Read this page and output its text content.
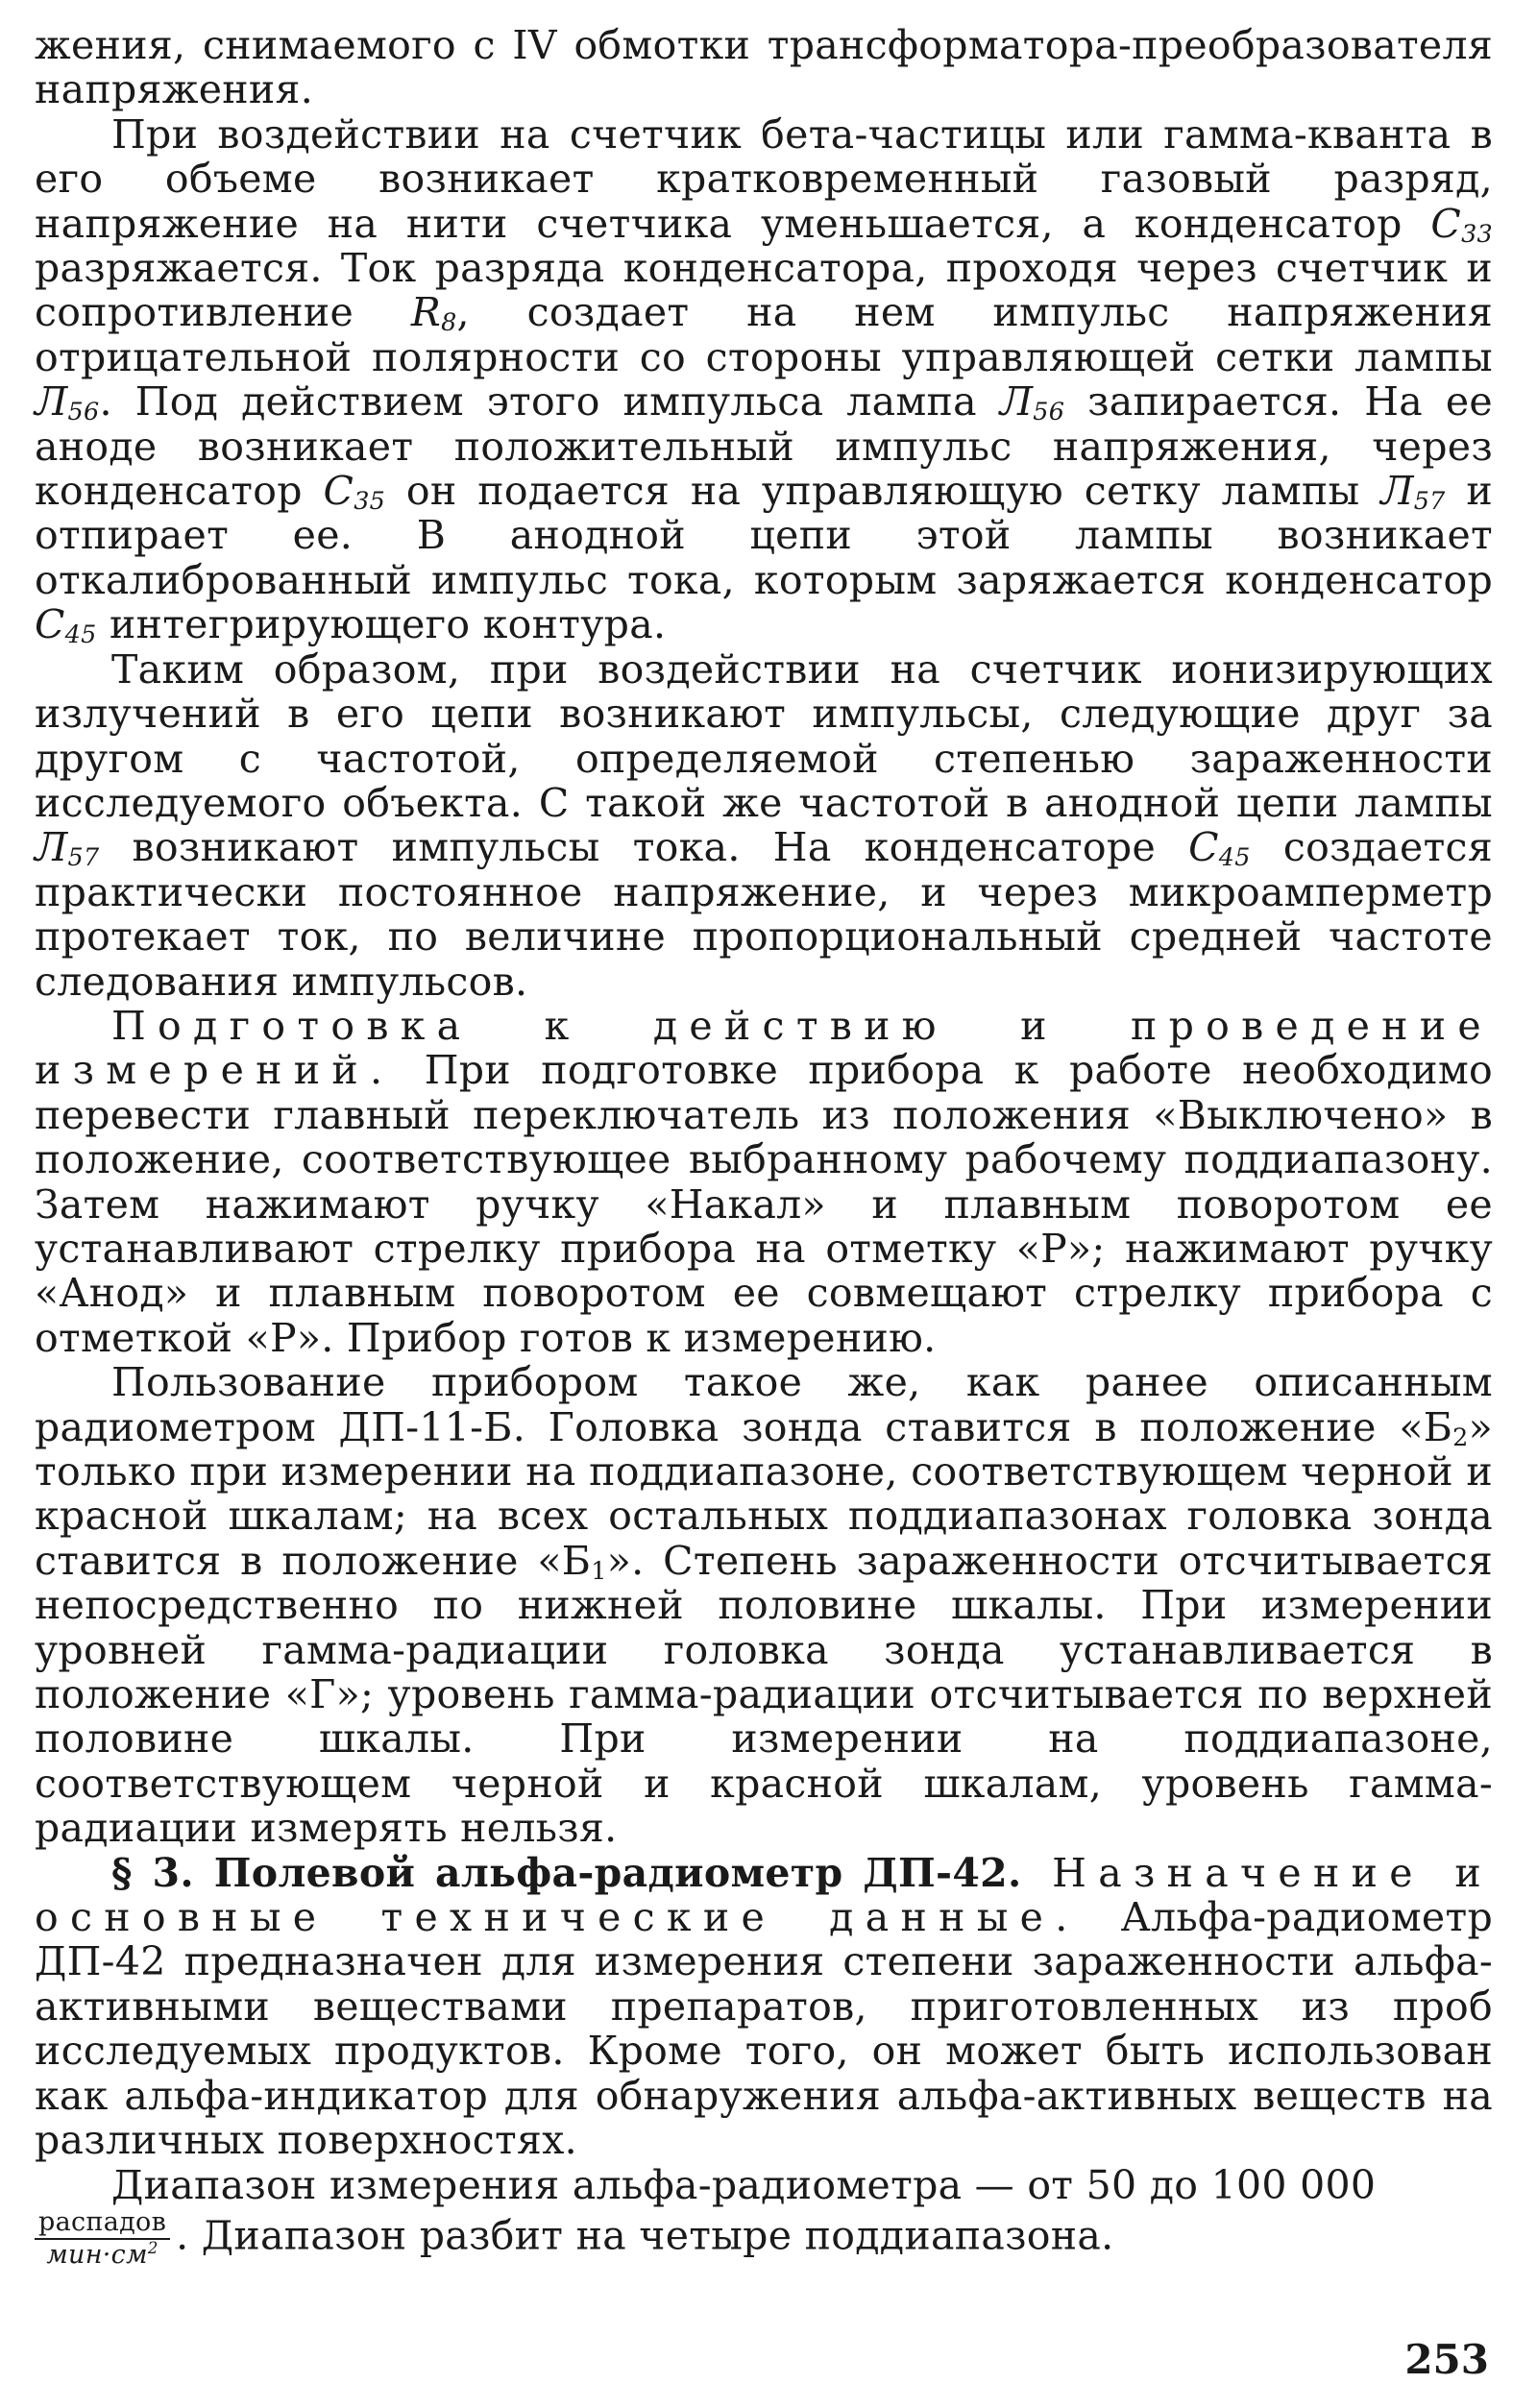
жения, снимаемого с IV обмотки трансформатора-преобразователя напряжения.

При воздействии на счетчик бета-частицы или гамма-кванта в его объеме возникает кратковременный газовый разряд, напряжение на нити счетчика уменьшается, а конденсатор $С_{33}$ разряжается. Ток разряда конденсатора, проходя через счетчик и сопротивление $R_8$, создает на нем импульс напряжения отрицательной полярности со стороны управляющей сетки лампы $Л_{56}$. Под действием этого импульса лампа $Л_{56}$ запирается. На ее аноде возникает положительный импульс напряжения, через конденсатор $С_{35}$ он подается на управляющую сетку лампы $Л_{57}$ и отпирает ее. В анодной цепи этой лампы возникает откалиброванный импульс тока, которым заряжается конденсатор $С_{45}$ интегрирующего контура.

Таким образом, при воздействии на счетчик ионизирующих излучений в его цепи возникают импульсы, следующие друг за другом с частотой, определяемой степенью зараженности исследуемого объекта. С такой же частотой в анодной цепи лампы $Л_{57}$ возникают импульсы тока. На конденсаторе $С_{45}$ создается практически постоянное напряжение, и через микроамперметр протекает ток, по величине пропорциональный средней частоте следования импульсов.

Подготовка к действию и проведение измерений. При подготовке прибора к работе необходимо перевести главный переключатель из положения «Выключено» в положение, соответствующее выбранному рабочему поддиапазону. Затем нажимают ручку «Накал» и плавным поворотом ее устанавливают стрелку прибора на отметку «Р»; нажимают ручку «Анод» и плавным поворотом ее совмещают стрелку прибора с отметкой «Р». Прибор готов к измерению.

Пользование прибором такое же, как ранее описанным радиометром ДП-11-Б. Головка зонда ставится в положение «$Б_2$» только при измерении на поддиапазоне, соответствующем черной и красной шкалам; на всех остальных поддиапазонах головка зонда ставится в положение «$Б_1$». Степень зараженности отсчитывается непосредственно по нижней половине шкалы. При измерении уровней гамма-радиации головка зонда устанавливается в положение «Г»; уровень гамма-радиации отсчитывается по верхней половине шкалы. При измерении на поддиапазоне, соответствующем черной и красной шкалам, уровень гамма-радиации измерять нельзя.

§ 3. Полевой альфа-радиометр ДП-42. Назначение и основные технические данные. Альфа-радиометр ДП-42 предназначен для измерения степени зараженности альфа-активными веществами препаратов, приготовленных из проб исследуемых продуктов. Кроме того, он может быть использован как альфа-индикатор для обнаружения альфа-активных веществ на различных поверхностях.

Диапазон измерения альфа-радиометра — от 50 до 100 000

$\frac{\text{распадов}}{мин\cdot см^2}$ . Диапазон разбит на четыре поддиапазона.

253
